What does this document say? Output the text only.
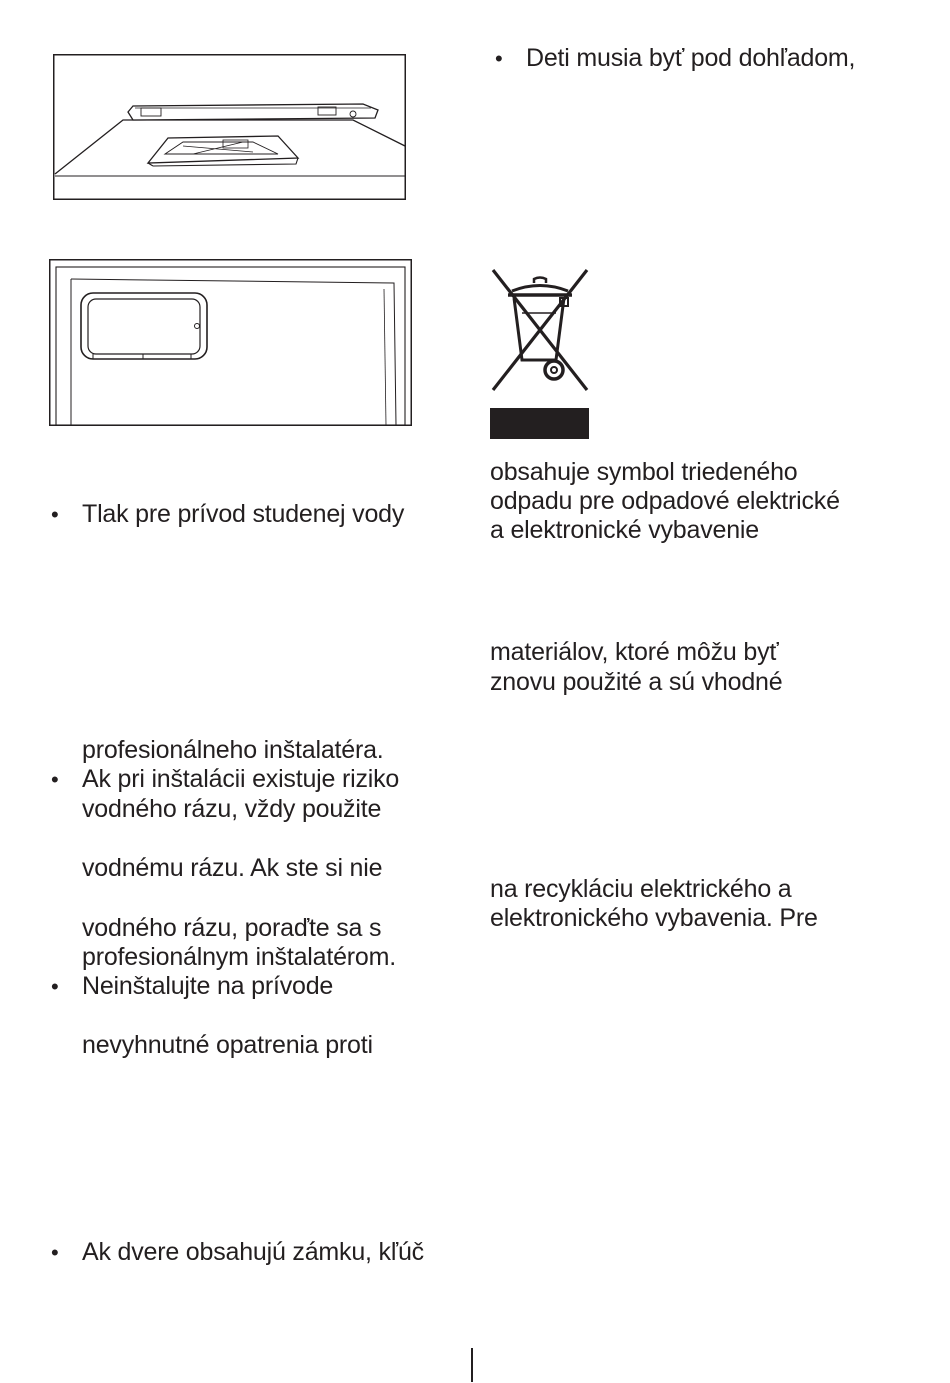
• Tlak pre prívod studenej vody
profesionálneho inštalatéra.
• Ak pri inštalácii existuje riziko
vodného rázu, vždy použite
vodnému rázu. Ak ste si nie
vodného rázu, poraďte sa s
profesionálnym inštalatérom.
• Neinštalujte na prívode
nevyhnutné opatrenia proti
• Ak dvere obsahujú zámku, kľúč
• Deti musia byť pod dohľadom,
obsahuje symbol triedeného
odpadu pre odpadové elektrické
a elektronické vybavenie
materiálov, ktoré môžu byť
znovu použité a sú vhodné
na recykláciu elektrického a
elektronického vybavenia. Pre
